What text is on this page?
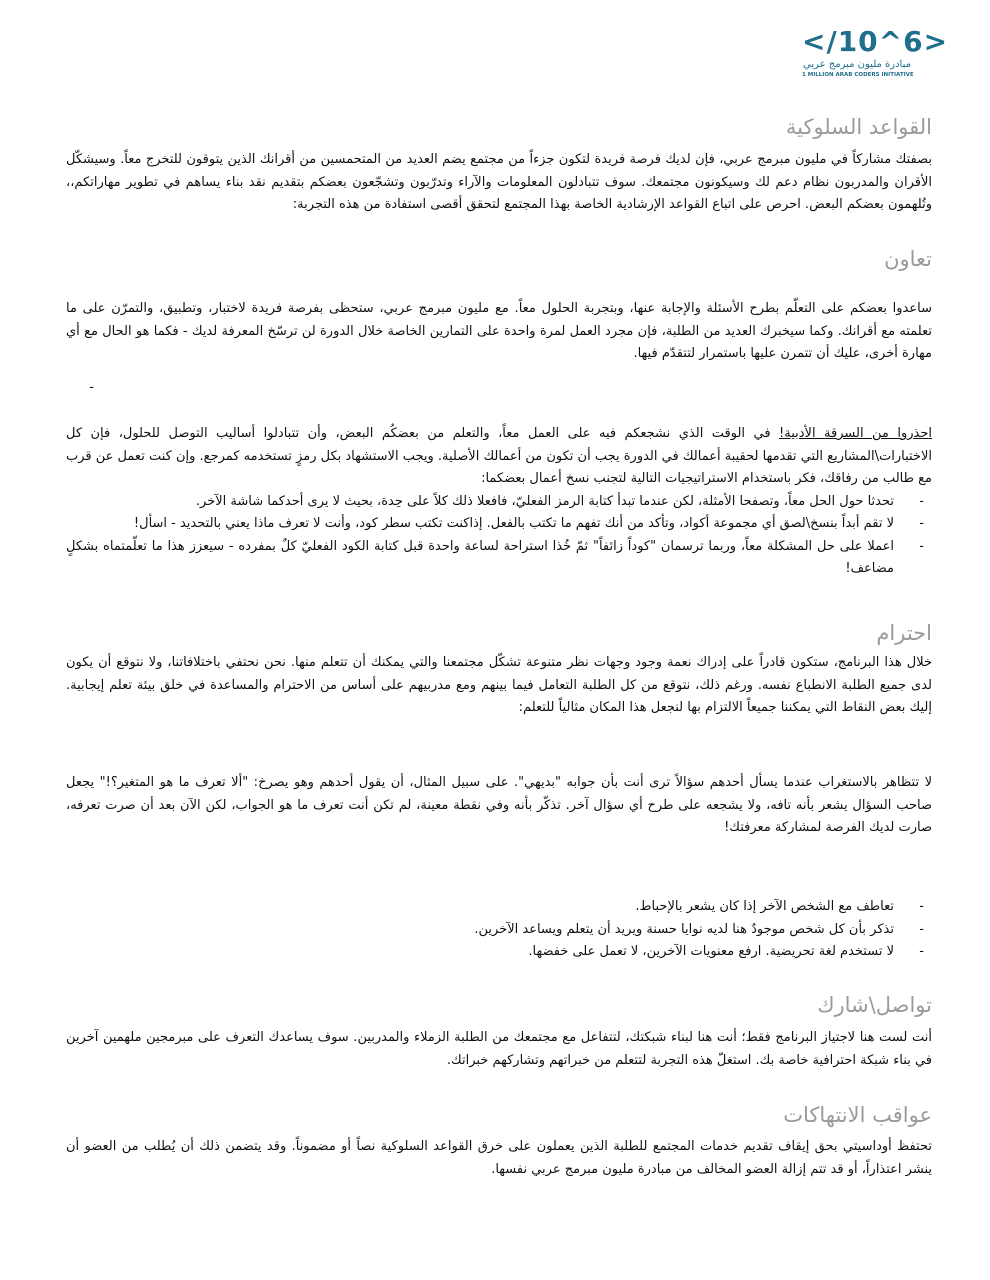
</10^6>
مبادرة مليون مبرمج عربي
1 MILLION ARAB CODERS INITIATIVE
القواعد السلوكية

بصفتك مشاركاً في مليون مبرمج عربي، فإن لديك فرصة فريدة لتكون جزءاً من مجتمع يضم العديد من المتحمسين من أقرانك الذين يتوقون للتخرج معاً. وسيشكّل الأقران والمدربون نظام دعم لك وسيكونون مجتمعك. سوف تتبادلون المعلومات والآراء وتدرّبون وتشجّعون بعضكم بتقديم نقد بناء يساهم في تطوير مهاراتكم،، وتُلهمون بعضكم البعض. احرص على اتباع القواعد الإرشادية الخاصة بهذا المجتمع لتحقق أقصى استفادة من هذه التجربة:

تعاون

ساعدوا بعضكم على التعلّم بطرح الأسئلة والإجابة عنها، وبتجربة الحلول معاً. مع مليون مبرمج عربي، ستحظى بفرصة فريدة لاختبار، وتطبيق، والتمرّن على ما تعلمته مع أقرانك. وكما سيخبرك العديد من الطلبة، فإن مجرد العمل لمرة واحدة على التمارين الخاصة خلال الدورة لن ترسّخ المعرفة لديك - فكما هو الحال مع أي مهارة أخرى، عليك أن تتمرن عليها باستمرار لتتقدّم فيها.

-

احذروا من السرقة الأدبية! في الوقت الذي نشجعكم فيه على العمل معاً، والتعلم من بعضكُم البعض، وأن تتبادلوا أساليب التوصل للحلول، فإن كل الاختبارات\المشاريع التي تقدمها لحقيبة أعمالك في الدورة يجب أن تكون من أعمالك الأصلية. ويجب الاستشهاد بكل رمزٍ تستخدمه كمرجع. وإن كنت تعمل عن قرب مع طالب من رفاقك، فكر باستخدام الاستراتيجيات التالية لتجنب نسخ أعمال بعضكما:

- تحدثا حول الحل معاً، وتصفحا الأمثلة، لكن عندما تبدأ كتابة الرمز الفعليّ، فافعلا ذلك كلاً على حِدة، بحيث لا يرى أحدكما شاشة الآخر.
- لا تقم أبداً بنسخ\لصق أي مجموعة أكواد، وتأكد من أنك تفهم ما تكتب بالفعل. إذاكنت تكتب سطر كود، وأنت لا تعرف ماذا يعني بالتحديد - اسأل!
- اعملا على حل المشكلة معاً، وربما ترسمان "كوداً زائفاً" ثمّ خُذا استراحة لساعة واحدة قبل كتابة الكود الفعليّ كلٌ بمفرده - سيعزز هذا ما تعلّمتماه بشكلٍ مضاعف!
احترام

خلال هذا البرنامج، ستكون قادراً على إدراك نعمة وجود وجهات نظر متنوعة تشكّل مجتمعنا والتي يمكنك أن تتعلم منها. نحن نحتفي باختلافاتنا، ولا نتوقع أن يكون لدى جميع الطلبة الانطباع نفسه. ورغم ذلك، نتوقع من كل الطلبة التعامل فيما بينهم ومع مدربيهم على أساس من الاحترام والمساعدة في خلق بيئة تعلم إيجابية. إليك بعض النقاط التي يمكننا جميعاً الالتزام بها لنجعل هذا المكان مثالياً للتعلم:

لا تتظاهر بالاستغراب عندما يسأل أحدهم سؤالاً ترى أنت بأن جوابه "بديهي". على سبيل المثال، أن يقول أحدهم وهو يصرخ: "ألا تعرف ما هو المتغير؟!" يجعل صاحب السؤال يشعر بأنه تافه، ولا يشجعه على طرح أي سؤال آخر. تذكّر بأنه وفي نقطة معينة، لم تكن أنت تعرف ما هو الجواب، لكن الآن بعد أن صرت تعرفه، صارت لديك الفرصة لمشاركة معرفتك!

- تعاطف مع الشخص الآخر إذا كان يشعر بالإحباط.
- تذكر بأن كل شخص موجودٌ هنا لديه نوايا حسنة ويريد أن يتعلم ويساعد الآخرين.
- لا تستخدم لغة تحريضية. ارفع معنويات الآخرين، لا تعمل على خفضها.
تواصل\شارك

أنت لست هنا لاجتياز البرنامج فقط؛ أنت هنا لبناء شبكتك، لتتفاعل مع مجتمعك من الطلبة الزملاء والمدربين. سوف يساعدك التعرف على مبرمجين ملهمين آخرين في بناء شبكة احترافية خاصة بك. استغلّ هذه التجربة لتتعلم من خبراتهم وتشاركهم خبراتك.

عواقب الانتهاكات

تحتفظ أوداسيتي بحق إيقاف تقديم خدمات المجتمع للطلبة الذين يعملون على خرق القواعد السلوكية نصاً أو مضموناً. وقد يتضمن ذلك أن يُطلب من العضو أن ينشر اعتذاراً، أو قد تتم إزالة العضو المخالف من مبادرة مليون مبرمج عربي نفسها.
